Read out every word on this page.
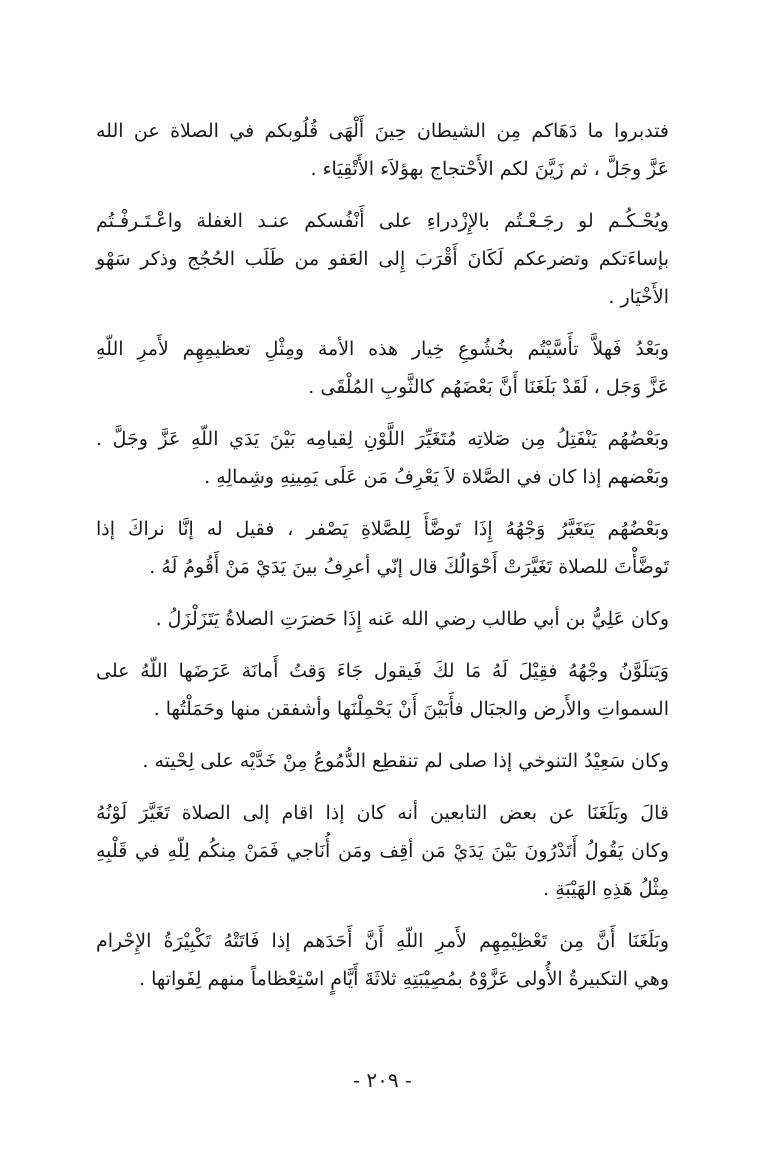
فتدبروا ما دَهَاكم مِن الشيطان حِينَ أَلْهَى قُلُوبكم في الصلاة عن الله
عَزَّ وجَلَّ ، ثم زَيَّنَ لكم الأَحْتجاج بهؤلاَء الأَتْقِيَاء .

ويُحْـكُـم لو رجَـعْـتُم بالإِزْدراءِ على أَنْفُسكم عنـد الغفلة واعْـتَـرفْـتُم
بإساءَتكم وتضرعكم لَكَانَ أَقْرَبَ إِلى العَفو من طَلَب الحُجُج وذكر سَهْو
الأَخْيَار .

وبَعْدُ فَهلاَّ تأَسَّيْتُم بخُشُوعِ خِيار هذه الأمة ومِثْلِ تعظيمِهِم لأَمرِ اللّهِ
عَزَّ وَجَل ، لَقَدْ بَلَغَنَا أَنَّ بَعْضَهُم كالثَّوبِ المُلْقَى .

وبَعْضُهُم يَنْفَتِلُ مِن صَلاتِه مُتَغَيِّرَ اللَّوْنِ لِقيامِه بَيْنَ يَدَي اللّهِ عَزَّ وجَلَّ .
وبَعْضهم إذا كان في الصَّلاة لاَ يَعْرِفُ مَن عَلَى يَمِينِهِ وشِمالِهِ .

وبَعْضُهُم يَتَغَيَّرُ وَجْهُهُ إِذَا تَوضَّأَ لِلصَّلاةِ يَصْفر ، فقيل له إنَّا نراكَ إذا
تَوضَّأْتَ للصلاة تَغَيَّرَتْ أَحْوَالُكَ قال إنّي أعرِفُ بينَ يَدَيْ مَنْ أَقُومُ لَهُ .

وكان عَلِيُّ بن أبي طالب رضي الله عَنه إِذَا حَضرَتِ الصلاةُ يَتَزَلْزَلُ .

وَيَتلَوَّنُ وجْهُهُ فقِيْلَ لَهُ مَا لكَ فَيقول جَاءَ وَقتُ أَمانَة عَرَضَها اللّهُ على
السمواتِ والأَرض والجبَال فأَبَيْنَ أَنْ يَحْمِلْنَها وأشفقن منها وحَمَلْتُها .

وكان سَعِيْدُ التنوخي إذا صلى لم تنقطِع الدُّمُوعُ مِنْ خَدَّيْه على لِحْيته .

قالَ وبَلَغَنَا عن بعض التابعين أنه كان إذا اقام إلى الصلاة تَغَيَّرَ لَوْنُهُ
وكان يَقُولُ أَتَدْرُونَ بَيْنَ يَدَيْ مَن أقِف ومَن أُنَاجي فَمَنْ مِنكُم لِلّهِ في قَلْبِهِ
مِثْلُ هَذِهِ الهَيْبَةِ .

وبَلَغَنَا أَنَّ مِن تَعْظِيْمِهِم لأَمرِ اللّهِ أَنَّ أَحَدَهم إذا فَاتَتْهُ تَكْبِيْرَةُ الإِحْرام
وهي التكبيرةُ الأُولى عَزَّوْهُ بمُصِيْبَتِهِ ثلاثَةَ أَيَّامٍ اسْتِعْظاماً منهم لِفَواتها .

- ٢٠٩ -
